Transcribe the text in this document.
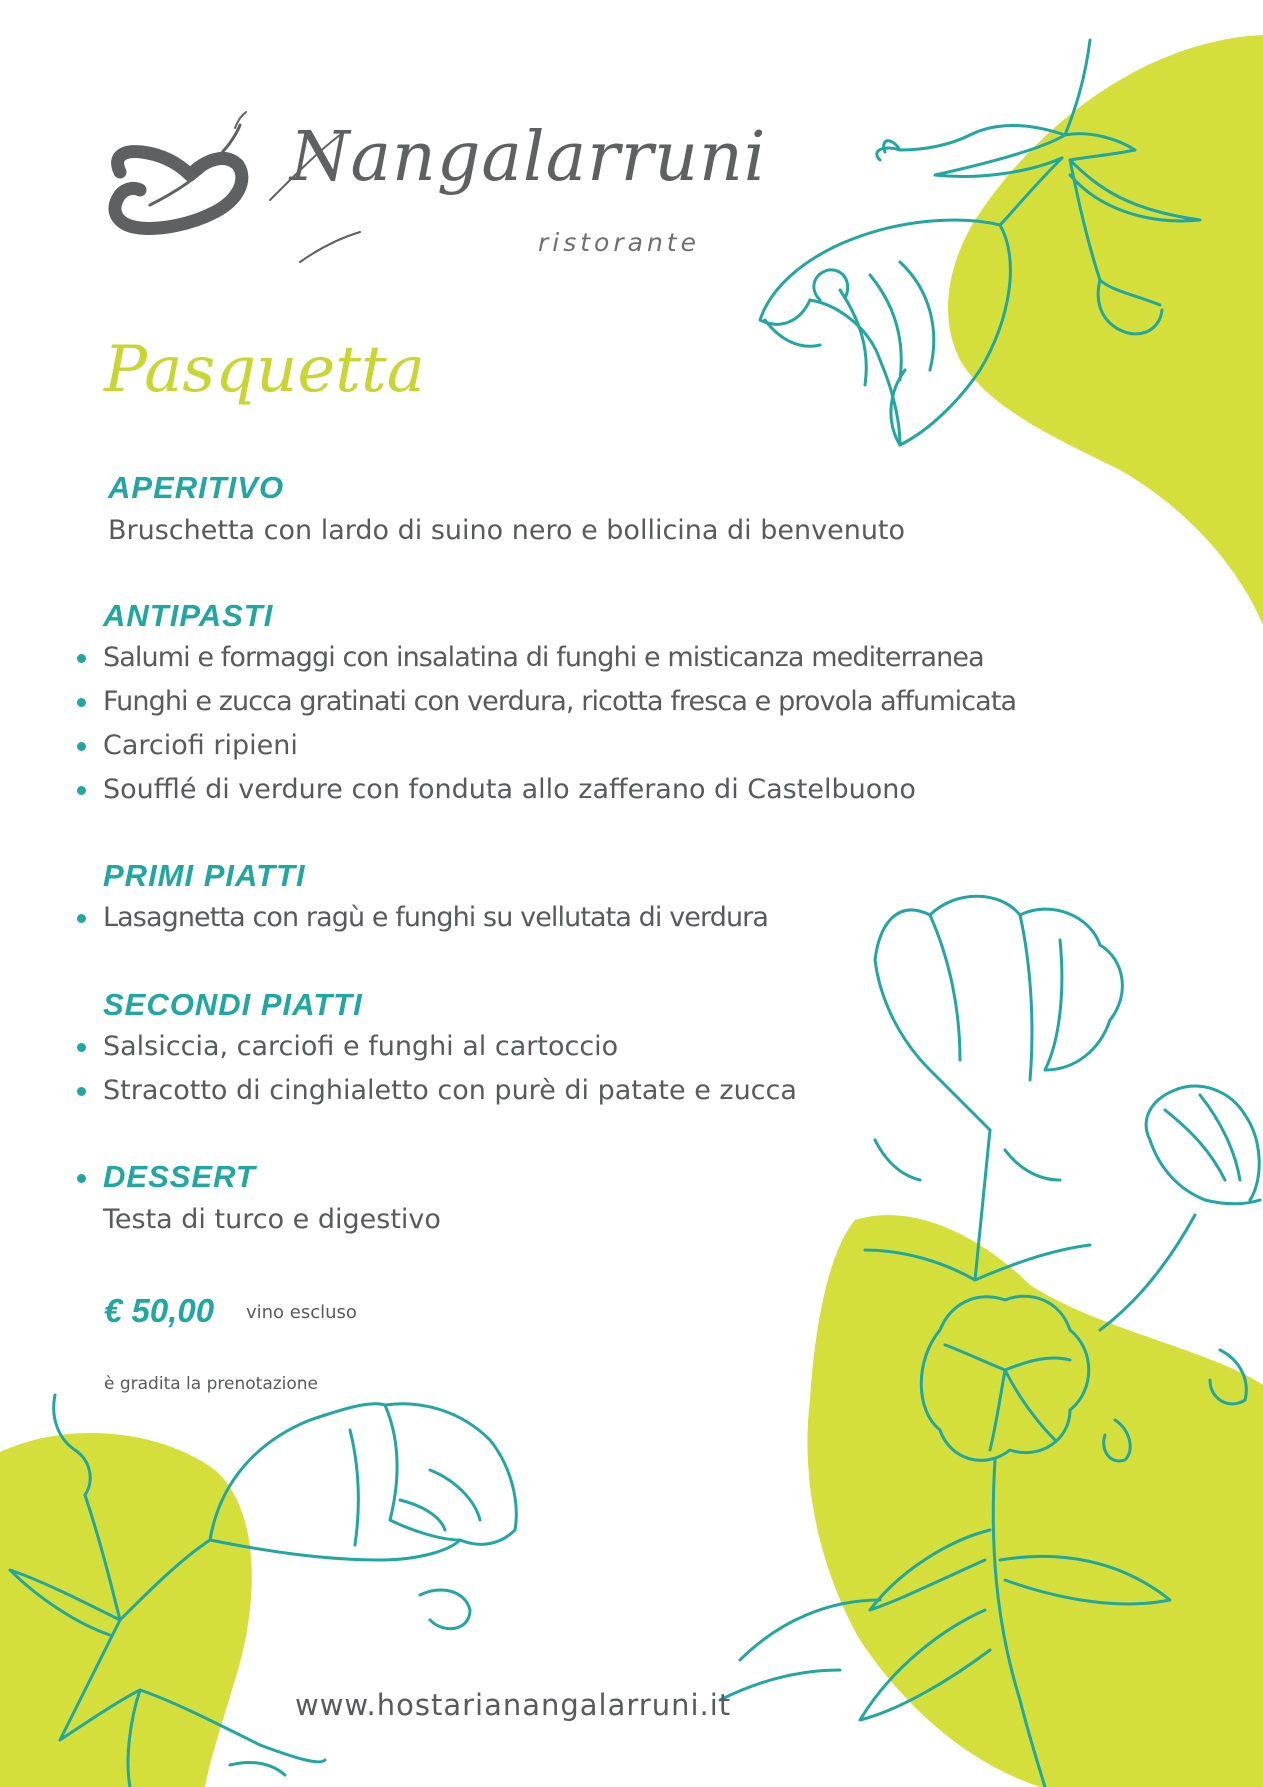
Nangalarruni
ristorante
Pasquetta
APERITIVO
Bruschetta con lardo di suino nero e bollicina di benvenuto
ANTIPASTI
Salumi e formaggi con insalatina di funghi e misticanza mediterranea
Funghi e zucca gratinati con verdura, ricotta fresca e provola affumicata
Carciofi ripieni
Soufflé di verdure con fonduta allo zafferano di Castelbuono
PRIMI PIATTI
Lasagnetta con ragù e funghi su vellutata di verdura
SECONDI PIATTI
Salsiccia, carciofi e funghi al cartoccio
Stracotto di cinghialetto con purè di patate e zucca
DESSERT
Testa di turco e digestivo
€ 50,00 vino escluso
è gradita la prenotazione
www.hostarianangalarruni.it
